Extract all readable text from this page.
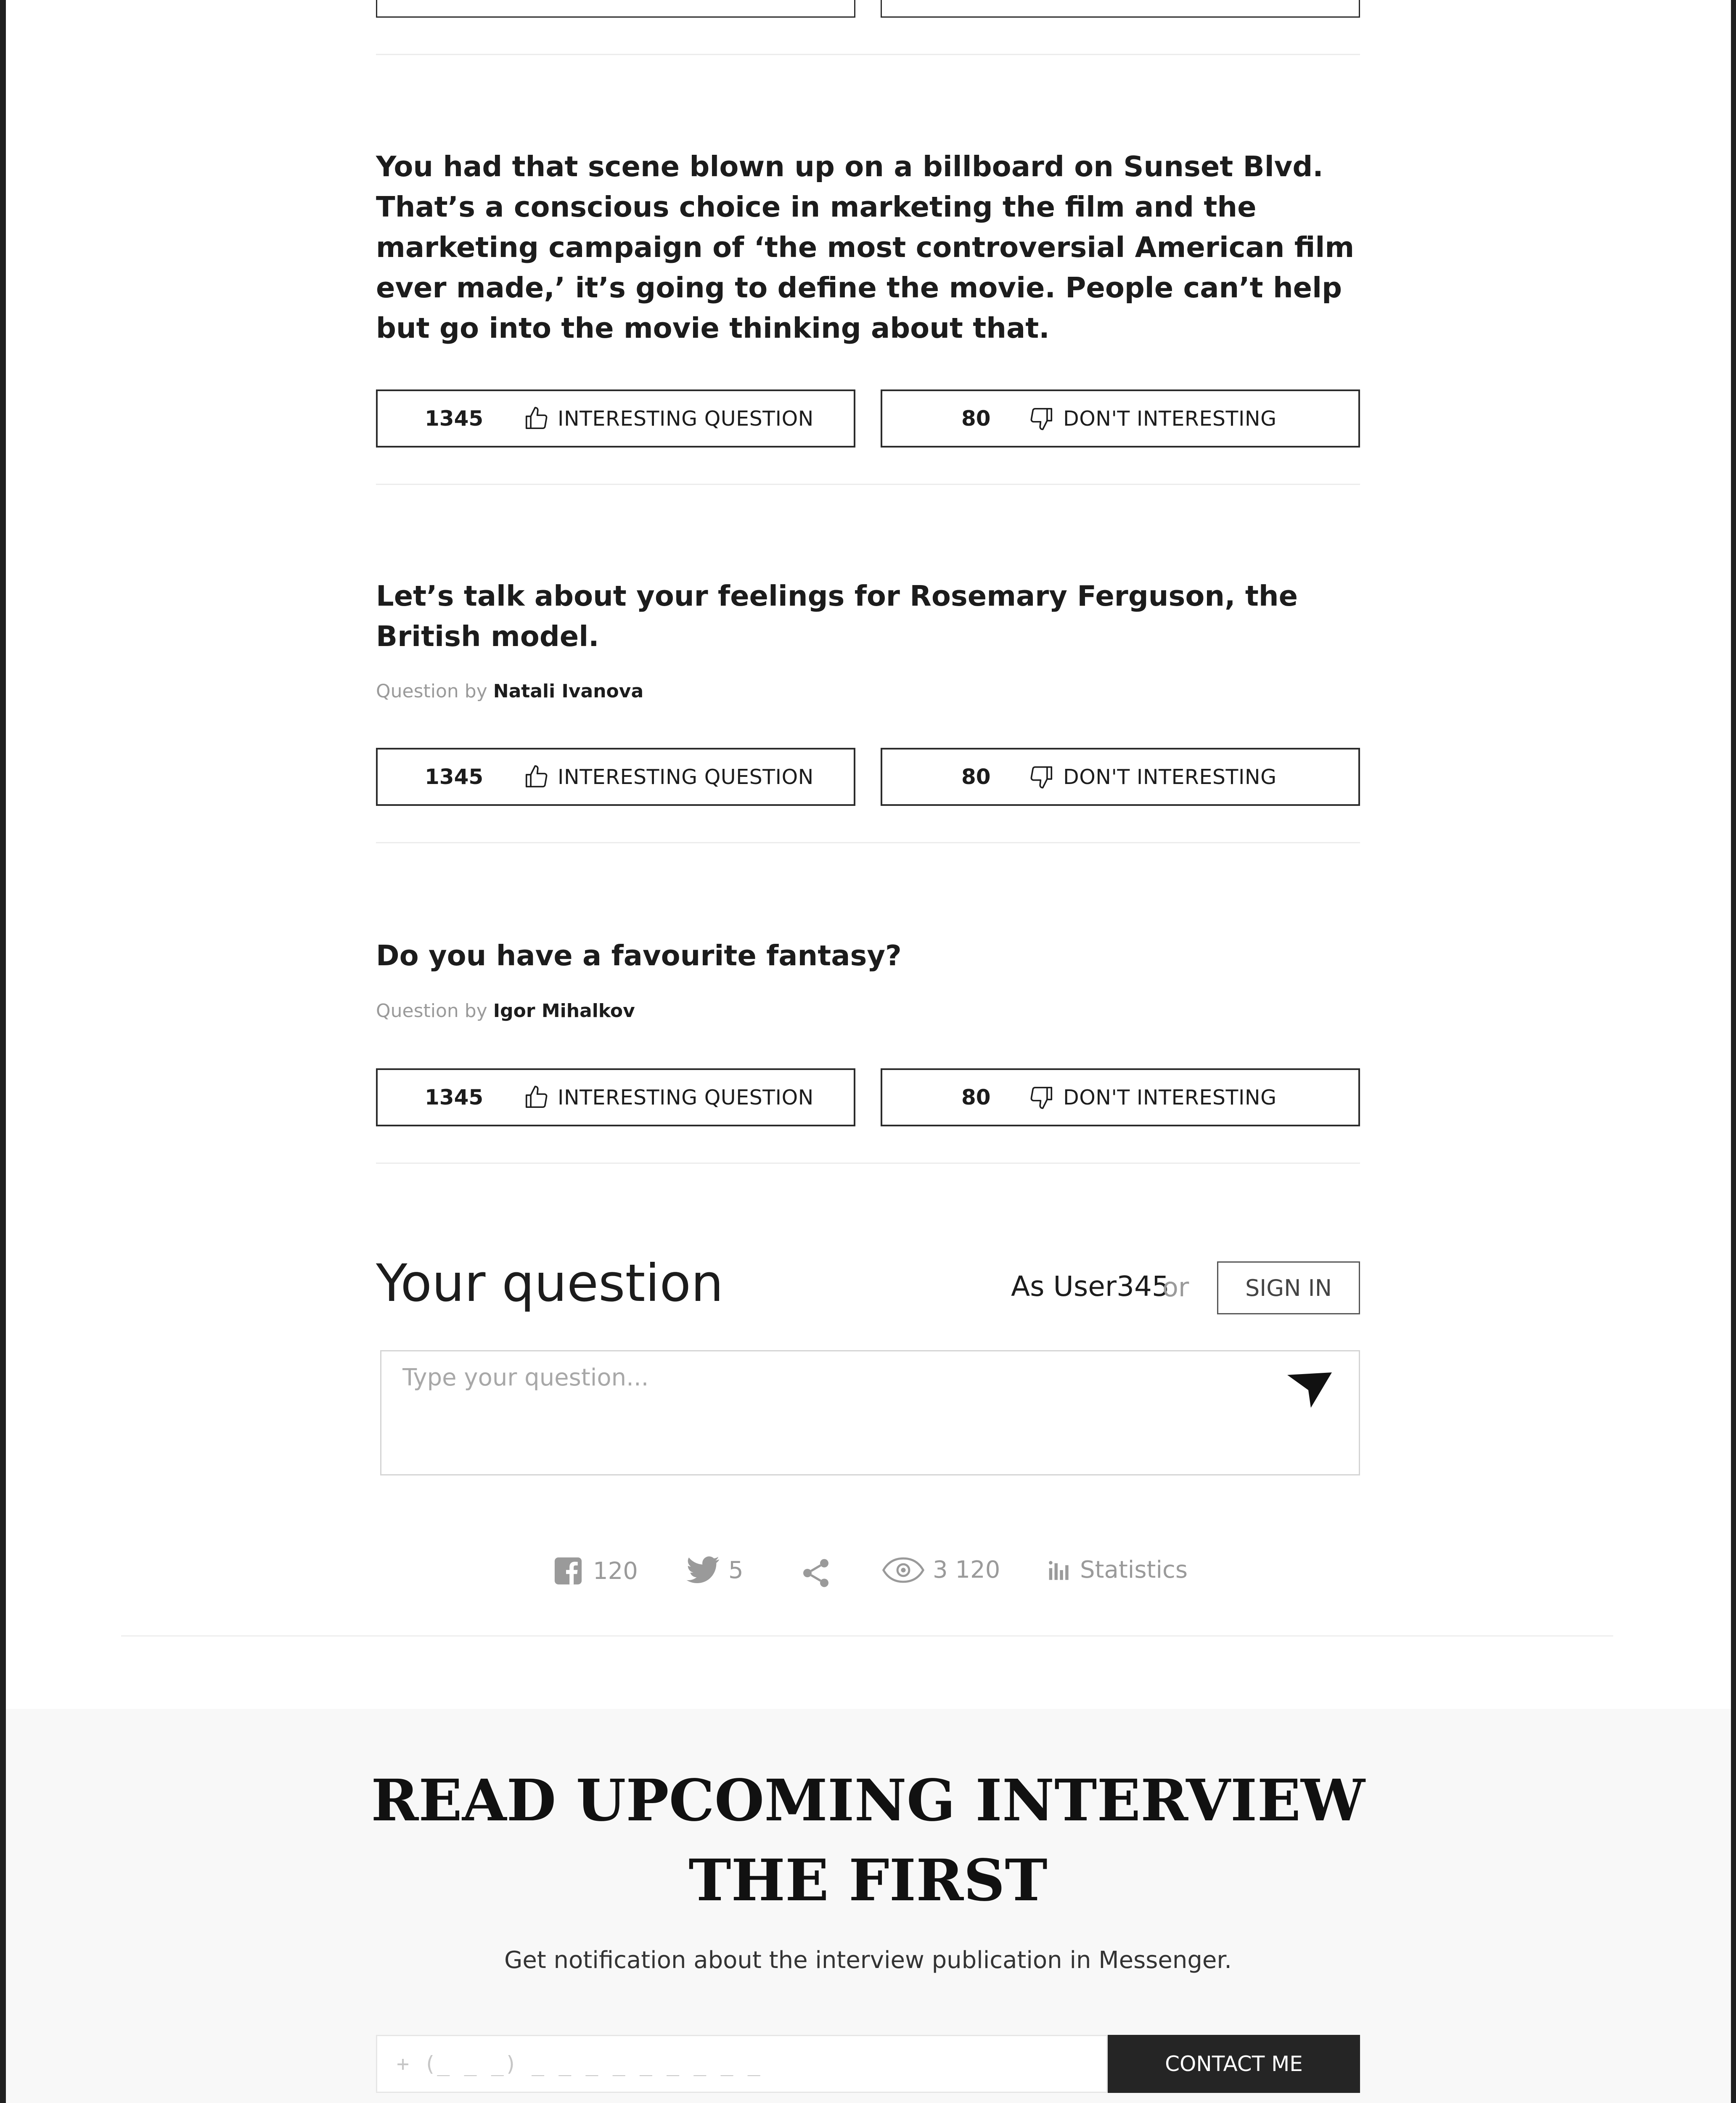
You had that scene blown up on a billboard on Sunset Blvd. That’s a conscious choice in marketing the film and the marketing campaign of ‘the most controversial American film ever made,’ it’s going to define the movie. People can’t help but go into the movie thinking about that.

1345	INTERESTING QUESTION	80	DON'T INTERESTING

Let’s talk about your feelings for Rosemary Ferguson, the British model.

Question by Natali Ivanova
1345	INTERESTING QUESTION	80	DON'T INTERESTING

Do you have a favourite fantasy?

Question by Igor Mihalkov
1345	INTERESTING QUESTION	80	DON'T INTERESTING
Your question	As User345
or	SIGN IN
Type your question...
120	5	3 120	Statistics
READ UPCOMING INTERVIEW
THE FIRST
Get notification about the interview publication in Messenger.
+ (_ _ _) _ _ _ _ _ _ _ _ _	CONTACT ME
